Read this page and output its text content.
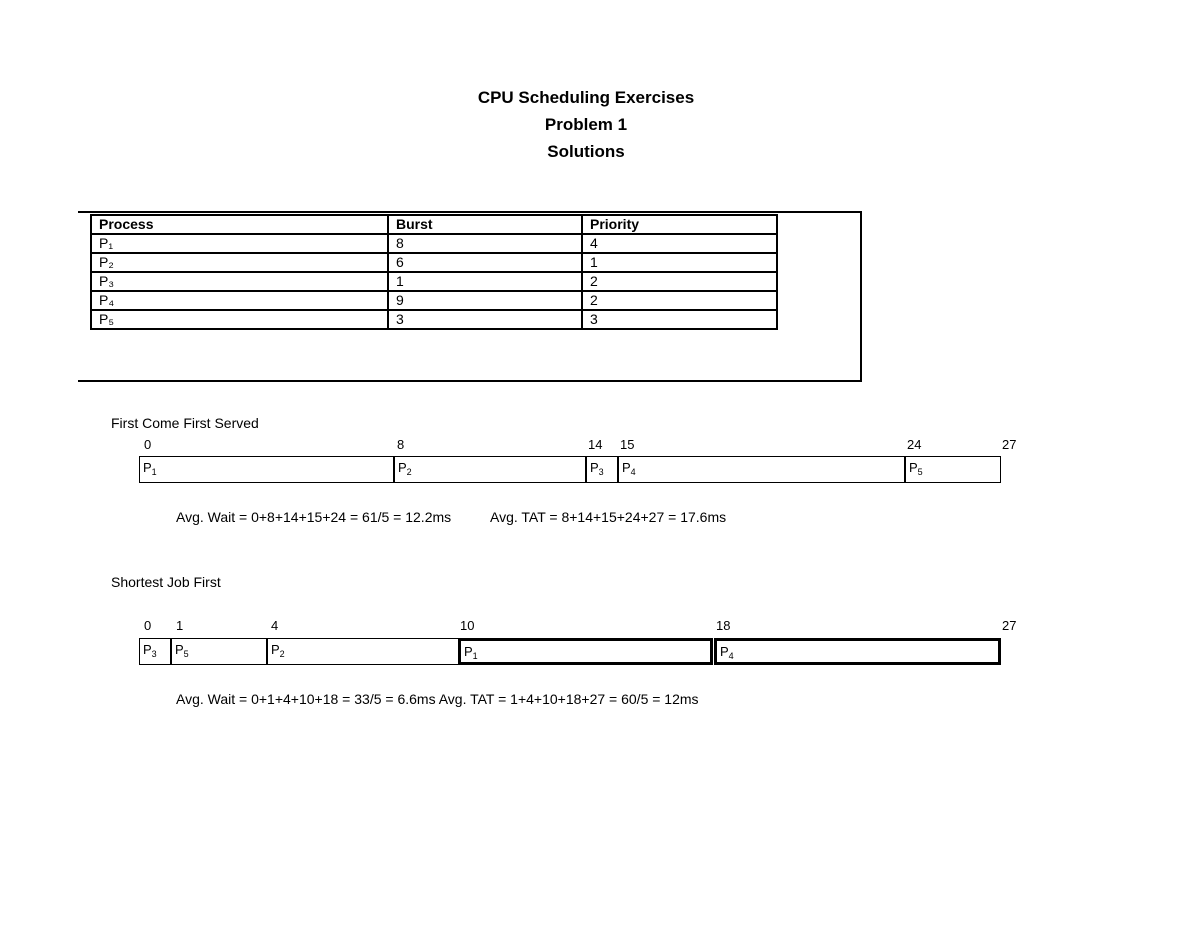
CPU Scheduling Exercises
Problem 1
Solutions
Process	Burst	Priority
P₁	8	4
P₂	6	1
P₃	1	2
P₄	9	2
P₅	3	3
First Come First Served
0	8	14 15	24	27
$P_1$	$P_2$	$P_3$	$P_4$	$P_5$
Avg. Wait = 0+8+14+15+24 = 61/5 = 12.2ms	Avg. TAT = 8+14+15+24+27 = 17.6ms
Shortest Job First
0 1	4	10	18	27
$P_3$	$P_5$	$P_2$	$P_1$	$P_4$
Avg. Wait = 0+1+4+10+18 = 33/5 = 6.6ms Avg. TAT = 1+4+10+18+27 = 60/5 = 12ms
